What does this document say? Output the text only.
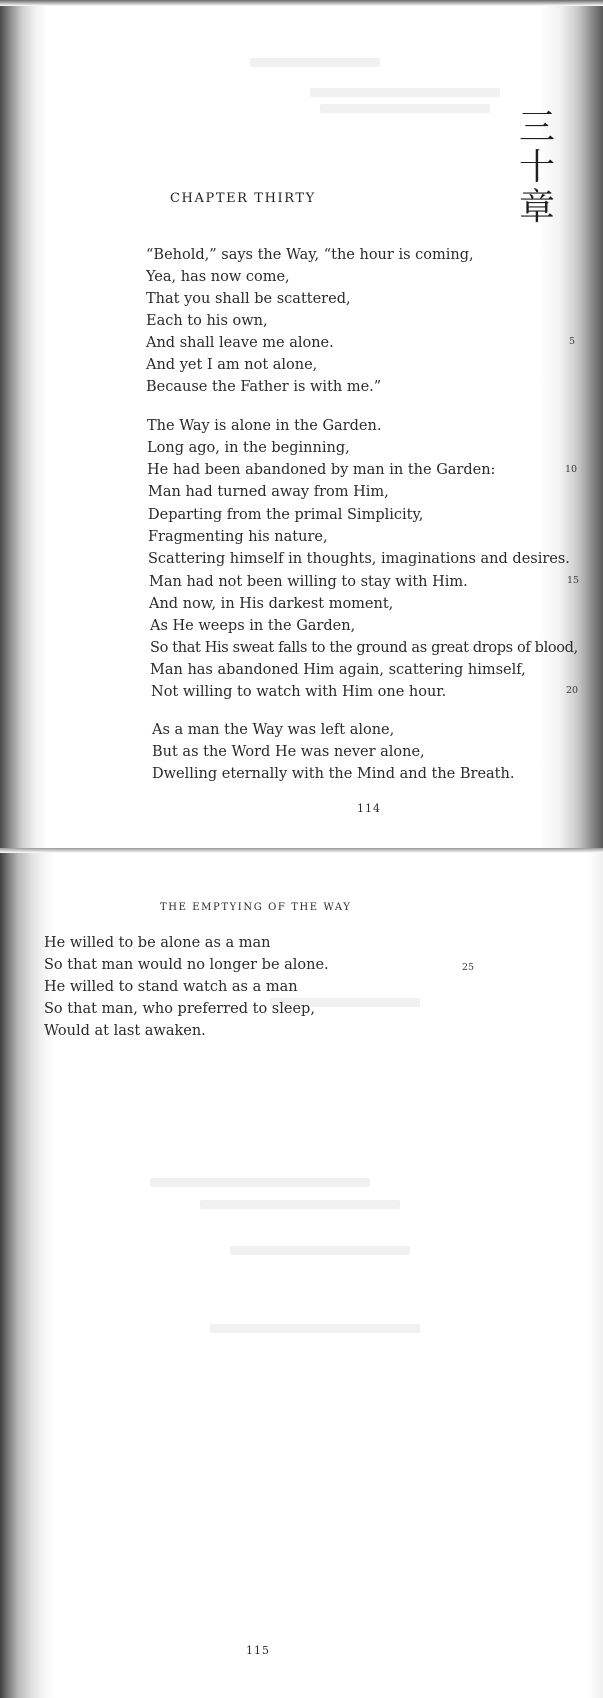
三
十
章
CHAPTER THIRTY
“Behold,” says the Way, “the hour is coming,
Yea, has now come,
That you shall be scattered,
Each to his own,
And shall leave me alone.
And yet I am not alone,
Because the Father is with me.”
The Way is alone in the Garden.
Long ago, in the beginning,
He had been abandoned by man in the Garden:
Man had turned away from Him,
Departing from the primal Simplicity,
Fragmenting his nature,
Scattering himself in thoughts, imaginations and desires.
Man had not been willing to stay with Him.
And now, in His darkest moment,
As He weeps in the Garden,
So that His sweat falls to the ground as great drops of blood,
Man has abandoned Him again, scattering himself,
Not willing to watch with Him one hour.
As a man the Way was left alone,
But as the Word He was never alone,
Dwelling eternally with the Mind and the Breath.
5
10
15
20
114
THE EMPTYING OF THE WAY
He willed to be alone as a man
So that man would no longer be alone.
He willed to stand watch as a man
So that man, who preferred to sleep,
Would at last awaken.
25
115
